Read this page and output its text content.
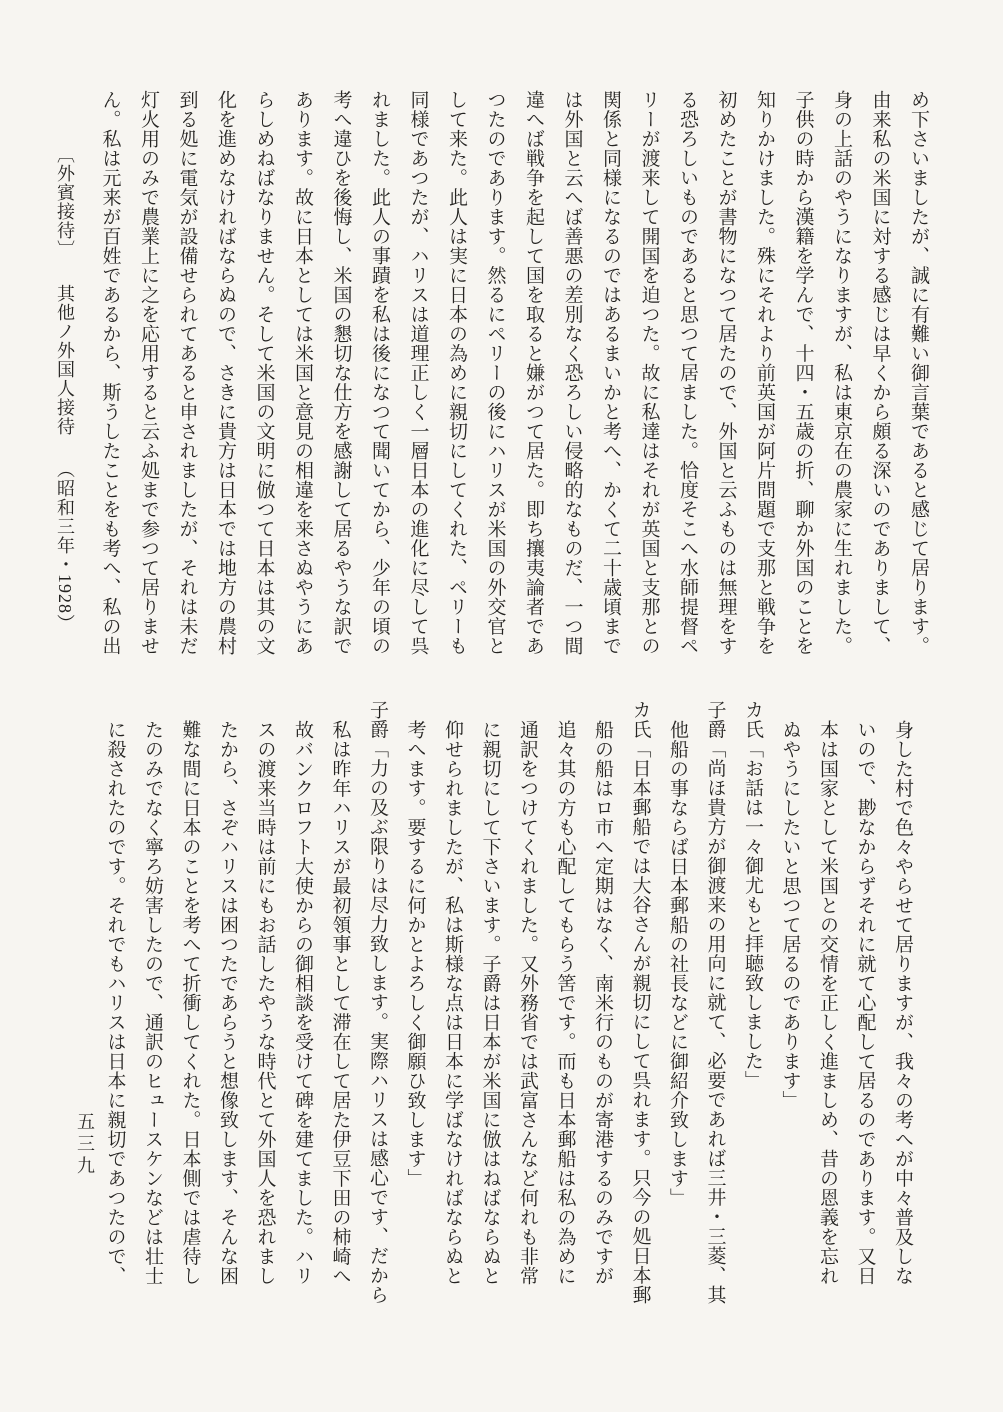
め下さいましたが、誠に有難い御言葉であると感じて居ります。

由来私の米国に対する感じは早くから頗る深いのでありまして、

身の上話のやうになりますが、私は東京在の農家に生れました。

子供の時から漢籍を学んで、十四・五歳の折、聊か外国のことを

知りかけました。殊にそれより前英国が阿片問題で支那と戦争を

初めたことが書物になつて居たので、外国と云ふものは無理をす

る恐ろしいものであると思つて居ました。恰度そこへ水師提督ペ

リーが渡来して開国を迫つた。故に私達はそれが英国と支那との

関係と同様になるのではあるまいかと考へ、かくて二十歳頃まで

は外国と云へば善悪の差別なく恐ろしい侵略的なものだ、一つ間

違へば戦争を起して国を取ると嫌がつて居た。即ち攘夷論者であ

つたのであります。然るにペリーの後にハリスが米国の外交官と

して来た。此人は実に日本の為めに親切にしてくれた、ペリーも

同様であつたが、ハリスは道理正しく一層日本の進化に尽して呉

れました。此人の事蹟を私は後になつて聞いてから、少年の頃の

考へ違ひを後悔し、米国の懇切な仕方を感謝して居るやうな訳で

あります。故に日本としては米国と意見の相違を来さぬやうにあ

らしめねばなりません。そして米国の文明に倣つて日本は其の文

化を進めなければならぬので、さきに貴方は日本では地方の農村

到る処に電気が設備せられてあると申されましたが、それは未だ

灯火用のみで農業上に之を応用すると云ふ処まで参つて居りませ

ん。私は元来が百姓であるから、斯うしたことをも考へ、私の出

〔外賓接待〕 其他ノ外国人接待 （昭和三年・1928）

身した村で色々やらせて居りますが、我々の考へが中々普及しな

いので、尠なからずそれに就て心配して居るのであります。又日

本は国家として米国との交情を正しく進ましめ、昔の恩義を忘れ

ぬやうにしたいと思つて居るのであります」

カ氏「お話は一々御尤もと拝聴致しました」

子爵「尚ほ貴方が御渡来の用向に就て、必要であれば三井・三菱、其

他船の事ならば日本郵船の社長などに御紹介致します」

カ氏「日本郵船では大谷さんが親切にして呉れます。只今の処日本郵

船の船はロ市へ定期はなく、南米行のものが寄港するのみですが

追々其の方も心配してもらう筈です。而も日本郵船は私の為めに

通訳をつけてくれました。又外務省では武富さんなど何れも非常

に親切にして下さいます。子爵は日本が米国に倣はねばならぬと

仰せられましたが、私は斯様な点は日本に学ばなければならぬと

考へます。要するに何かとよろしく御願ひ致します」

子爵「力の及ぶ限りは尽力致します。実際ハリスは感心です、だから

私は昨年ハリスが最初領事として滞在して居た伊豆下田の柿崎へ

故バンクロフト大使からの御相談を受けて碑を建てました。ハリ

スの渡来当時は前にもお話したやうな時代とて外国人を恐れまし

たから、さぞハリスは困つたであらうと想像致します、そんな困

難な間に日本のことを考へて折衝してくれた。日本側では虐待し

たのみでなく寧ろ妨害したので、通訳のヒュースケンなどは壮士

に殺されたのです。それでもハリスは日本に親切であつたので、

五三九
